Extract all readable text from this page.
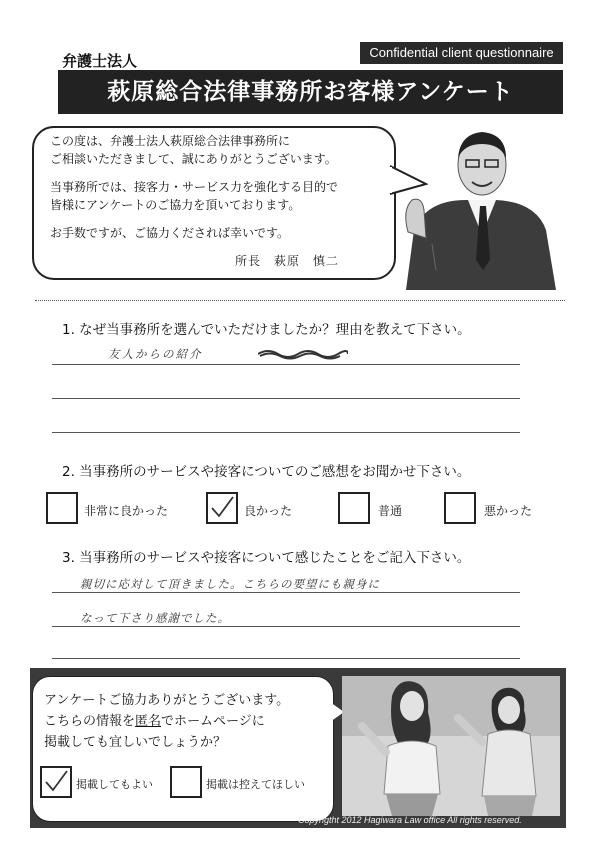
Confidential client questionnaire
弁護士法人
萩原総合法律事務所お客様アンケート

この度は、弁護士法人萩原総合法律事務所に

ご相談いただきまして、誠にありがとうございます。

当事務所では、接客力・サービス力を強化する目的で

皆様にアンケートのご協力を頂いております。

お手数ですが、ご協力くだされば幸いです。

所長　萩原　慎二
1. なぜ当事務所を選んでいただけましたか？理由を教えて下さい。
友人からの紹介
2. 当事務所のサービスや接客についてのご感想をお聞かせ下さい。
非常に良かった	良かった	普通	悪かった
3. 当事務所のサービスや接客について感じたことをご記入下さい。
親切に応対して頂きました。こちらの要望にも親身に
なって下さり感謝でした。

アンケートご協力ありがとうございます。

こちらの情報を匿名でホームページに

掲載しても宜しいでしょうか？

掲載してもよい	掲載は控えてほしい
Copyrigtht 2012 Hagiwara Law office All rights reserved.
